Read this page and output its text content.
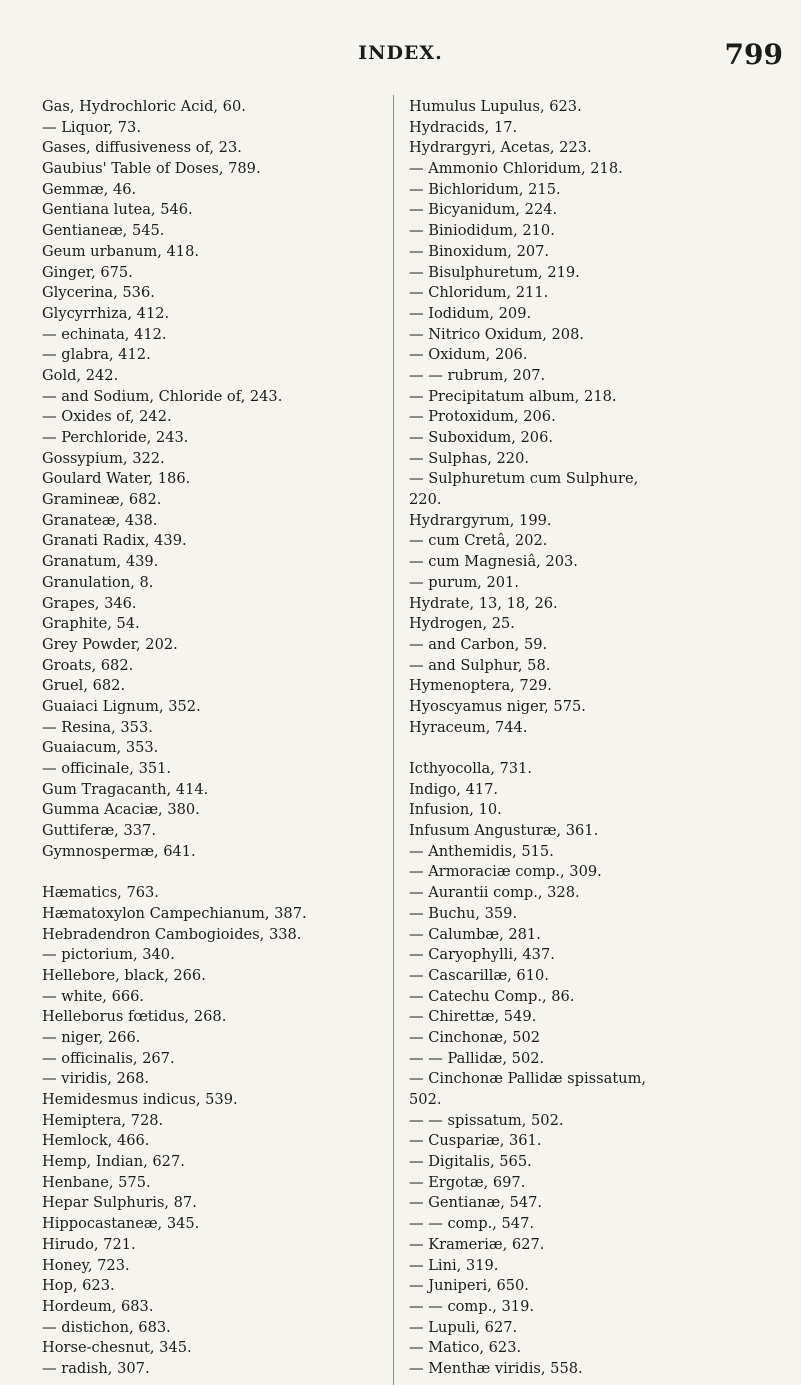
INDEX.	799
Gas, Hydrochloric Acid, 60.
— Liquor, 73.
Gases, diffusiveness of, 23.
Gaubius' Table of Doses, 789.
Gemmæ, 46.
Gentiana lutea, 546.
Gentianeæ, 545.
Geum urbanum, 418.
Ginger, 675.
Glycerina, 536.
Glycyrrhiza, 412.
— echinata, 412.
— glabra, 412.
Gold, 242.
— and Sodium, Chloride of, 243.
— Oxides of, 242.
— Perchloride, 243.
Gossypium, 322.
Goulard Water, 186.
Gramineæ, 682.
Granateæ, 438.
Granati Radix, 439.
Granatum, 439.
Granulation, 8.
Grapes, 346.
Graphite, 54.
Grey Powder, 202.
Groats, 682.
Gruel, 682.
Guaiaci Lignum, 352.
— Resina, 353.
Guaiacum, 353.
— officinale, 351.
Gum Tragacanth, 414.
Gumma Acaciæ, 380.
Guttiferæ, 337.
Gymnospermæ, 641.
Hæmatics, 763.
Hæmatoxylon Campechianum, 387.
Hebradendron Cambogioides, 338.
— pictorium, 340.
Hellebore, black, 266.
— white, 666.
Helleborus fœtidus, 268.
— niger, 266.
— officinalis, 267.
— viridis, 268.
Hemidesmus indicus, 539.
Hemiptera, 728.
Hemlock, 466.
Hemp, Indian, 627.
Henbane, 575.
Hepar Sulphuris, 87.
Hippocastaneæ, 345.
Hirudo, 721.
Honey, 723.
Hop, 623.
Hordeum, 683.
— distichon, 683.
Horse-chesnut, 345.
— radish, 307.
Humulus Lupulus, 623.
Hydracids, 17.
Hydrargyri, Acetas, 223.
— Ammonio Chloridum, 218.
— Bichloridum, 215.
— Bicyanidum, 224.
— Biniodidum, 210.
— Binoxidum, 207.
— Bisulphuretum, 219.
— Chloridum, 211.
— Iodidum, 209.
— Nitrico Oxidum, 208.
— Oxidum, 206.
— — rubrum, 207.
— Precipitatum album, 218.
— Protoxidum, 206.
— Suboxidum, 206.
— Sulphas, 220.
— Sulphuretum cum Sulphure,
220.
Hydrargyrum, 199.
— cum Cretâ, 202.
— cum Magnesiâ, 203.
— purum, 201.
Hydrate, 13, 18, 26.
Hydrogen, 25.
— and Carbon, 59.
— and Sulphur, 58.
Hymenoptera, 729.
Hyoscyamus niger, 575.
Hyraceum, 744.
Icthyocolla, 731.
Indigo, 417.
Infusion, 10.
Infusum Angusturæ, 361.
— Anthemidis, 515.
— Armoraciæ comp., 309.
— Aurantii comp., 328.
— Buchu, 359.
— Calumbæ, 281.
— Caryophylli, 437.
— Cascarillæ, 610.
— Catechu Comp., 86.
— Chirettæ, 549.
— Cinchonæ, 502
— — Pallidæ, 502.
— Cinchonæ Pallidæ spissatum,
502.
— — spissatum, 502.
— Cuspariæ, 361.
— Digitalis, 565.
— Ergotæ, 697.
— Gentianæ, 547.
— — comp., 547.
— Krameriæ, 627.
— Lini, 319.
— Juniperi, 650.
— — comp., 319.
— Lupuli, 627.
— Matico, 623.
— Menthæ viridis, 558.
